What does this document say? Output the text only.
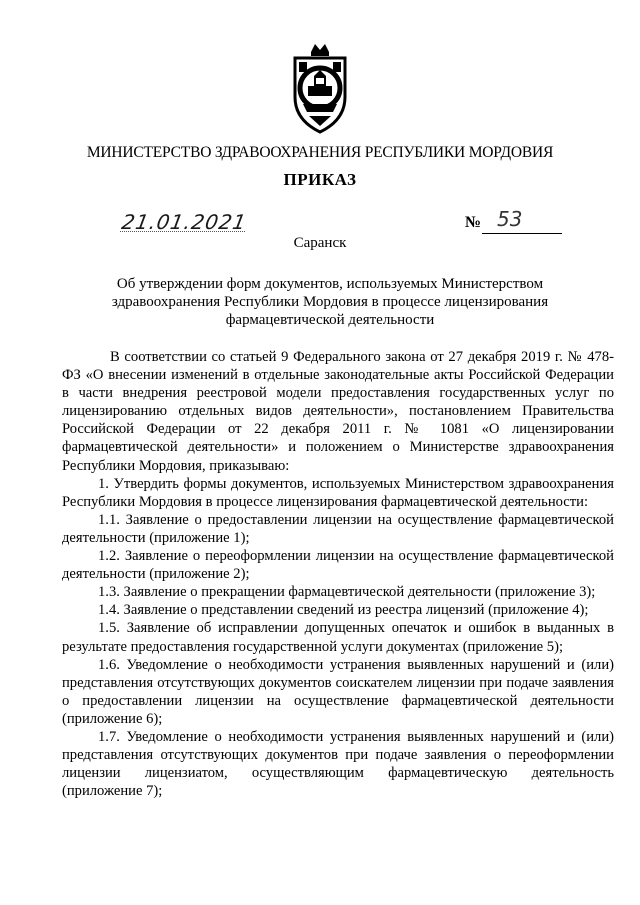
МИНИСТЕРСТВО ЗДРАВООХРАНЕНИЯ РЕСПУБЛИКИ МОРДОВИЯ
ПРИКАЗ
21.01.2021	№ 53
Саранск
Об утверждении форм документов, используемых Министерством здравоохранения Республики Мордовия в процессе лицензирования фармацевтической деятельности

В соответствии со статьей 9 Федерального закона от 27 декабря 2019 г. № 478-ФЗ «О внесении изменений в отдельные законодательные акты Российской Федерации в части внедрения реестровой модели предоставления государственных услуг по лицензированию отдельных видов деятельности», постановлением Правительства Российской Федерации от 22 декабря 2011 г. № 1081 «О лицензировании фармацевтической деятельности» и положением о Министерстве здравоохранения Республики Мордовия, приказываю:

1. Утвердить формы документов, используемых Министерством здравоохранения Республики Мордовия в процессе лицензирования фармацевтической деятельности:

1.1. Заявление о предоставлении лицензии на осуществление фармацевтической деятельности (приложение 1);

1.2. Заявление о переоформлении лицензии на осуществление фармацевтической деятельности (приложение 2);

1.3. Заявление о прекращении фармацевтической деятельности (приложение 3);

1.4. Заявление о представлении сведений из реестра лицензий (приложение 4);

1.5. Заявление об исправлении допущенных опечаток и ошибок в выданных в результате предоставления государственной услуги документах (приложение 5);

1.6. Уведомление о необходимости устранения выявленных нарушений и (или) представления отсутствующих документов соискателем лицензии при подаче заявления о предоставлении лицензии на осуществление фармацевтической деятельности (приложение 6);

1.7. Уведомление о необходимости устранения выявленных нарушений и (или) представления отсутствующих документов при подаче заявления о переоформлении лицензии лицензиатом, осуществляющим фармацевтическую деятельность (приложение 7);
